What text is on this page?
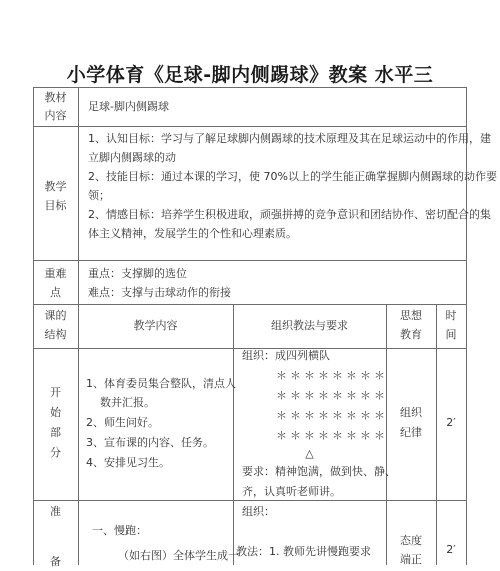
小学体育《足球-脚内侧踢球》教案 水平三
教材
内容
足球-脚内侧踢球
教学
目标
1、认知目标：学习与了解足球脚内侧踢球的技术原理及其在足球运动中的作用，建
立脚内侧踢球的动
2、技能目标：通过本课的学习，使 70%以上的学生能正确掌握脚内侧踢球的动作要
领；
2、情感目标：培养学生积极进取，顽强拼搏的竞争意识和团结协作、密切配合的集
体主义精神，发展学生的个性和心理素质。
重难
点
重点：支撑脚的选位
难点：支撑与击球动作的衔接
课的
结构
教学内容	组织教法与要求
思想
教育
时
间
开
始
部
分
1、体育委员集合整队，清点人
数并汇报。
2、师生问好。
3、宣布课的内容、任务。
4、安排见习生。
组织：成四列横队
＊＊＊＊＊＊＊＊
＊＊＊＊＊＊＊＊
＊＊＊＊＊＊＊＊
＊＊＊＊＊＊＊＊
△
要求：精神饱满，做到快、静、
齐，认真听老师讲。
组织
纪律
2′
准
备
一、慢跑：
（如右图）全体学生成一
组织：
教法：1. 教师先讲慢跑要求
态度
端正
2′
